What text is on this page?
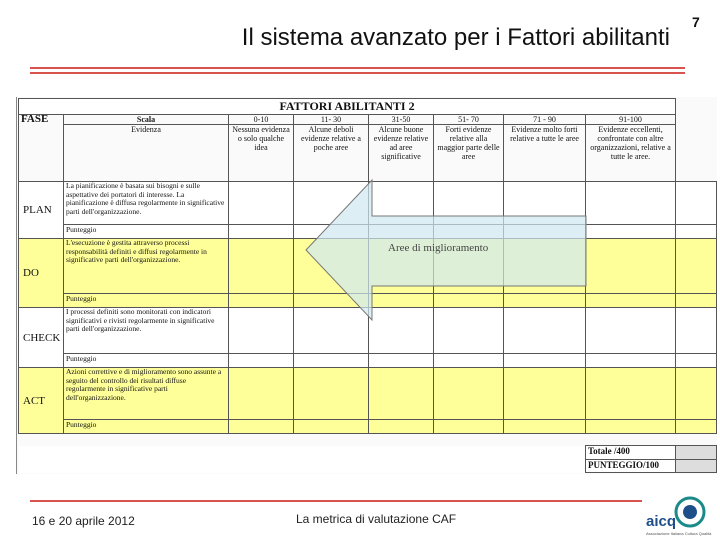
Il sistema avanzato per i Fattori abilitanti
7
FATTORI ABILITANTI 2								
FASE	Scala	0-10	11- 30	31-50	51- 70	71 - 90	91-100	
	Evidenza	Nessuna evidenza o solo qualche idea	Alcune deboli evidenze relative a poche aree	Alcune buone evidenze relative ad aree significative	Forti evidenze relative alla maggior parte delle aree	Evidenze molto forti relative a tutte le aree	Evidenze eccellenti, confrontate con altre organizzazioni, relative a tutte le aree.	
PLAN	La pianificazione è basata sui bisogni e sulle aspettative dei portatori di interesse. La pianificazione è diffusa regolarmente in significative parti dell'organizzazione.							
	Punteggio							
DO	L'esecuzione è gestita attraverso processi responsabilità definiti e diffusi regolarmente in significative parti dell'organizzazione.							
	Punteggio							
CHECK	I processi definiti sono monitorati con indicatori significativi e rivisti regolarmente in significative parti dell'organizzazione.							
	Punteggio							
ACT	Azioni correttive e di miglioramento sono assunte a seguito del controllo dei risultati diffuse regolarmente in significative parti dell'organizzazione.							
	Punteggio							

							Totale /400	
							PUNTEGGIO/100	
Aree di miglioramento
16 e 20 aprile 2012	La metrica di valutazione CAF	aicq
Associazione Italiana Cultura Qualità
